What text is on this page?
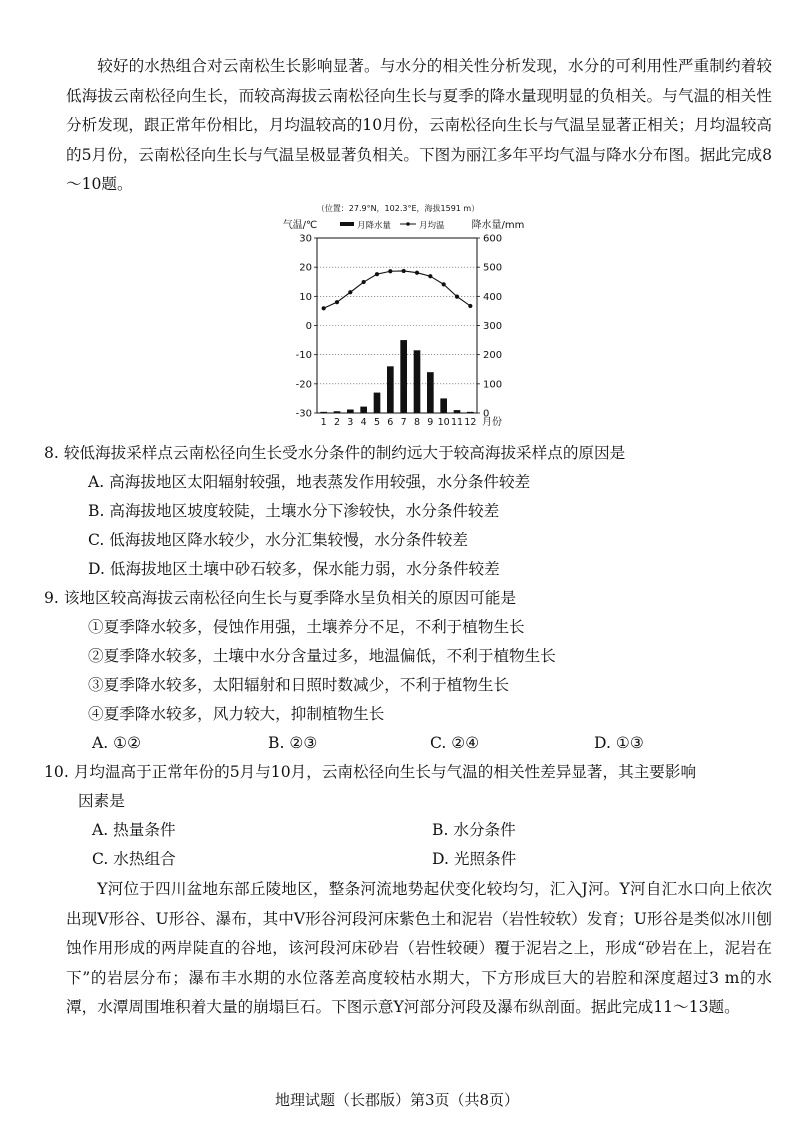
较好的水热组合对云南松生长影响显著。与水分的相关性分析发现，水分的可利用性严重制约着较低海拔云南松径向生长，而较高海拔云南松径向生长与夏季的降水量现明显的负相关。与气温的相关性分析发现，跟正常年份相比，月均温较高的10月份，云南松径向生长与气温呈显著正相关；月均温较高的5月份，云南松径向生长与气温呈极显著负相关。下图为丽江多年平均气温与降水分布图。据此完成8～10题。

（位置：27.9°N，102.3°E，海拔1591 m）
气温/℃	降水量/mm
月降水量	月均温
30
20
10
0
-10
-20
-30
600
500
400
300
200
100
0
1 2 3 4 5 6 7 8 9 10 11 12 月份

8. 较低海拔采样点云南松径向生长受水分条件的制约远大于较高海拔采样点的原因是

A. 高海拔地区太阳辐射较强，地表蒸发作用较强，水分条件较差

B. 高海拔地区坡度较陡，土壤水分下渗较快，水分条件较差

C. 低海拔地区降水较少，水分汇集较慢，水分条件较差

D. 低海拔地区土壤中砂石较多，保水能力弱，水分条件较差

9. 该地区较高海拔云南松径向生长与夏季降水呈负相关的原因可能是

①夏季降水较多，侵蚀作用强，土壤养分不足，不利于植物生长

②夏季降水较多，土壤中水分含量过多，地温偏低，不利于植物生长

③夏季降水较多，太阳辐射和日照时数减少，不利于植物生长

④夏季降水较多，风力较大，抑制植物生长

A. ①②	B. ②③	C. ②④	D. ①③

10. 月均温高于正常年份的5月与10月，云南松径向生长与气温的相关性差异显著，其主要影响

因素是

A. 热量条件	B. 水分条件
C. 水热组合	D. 光照条件

Y河位于四川盆地东部丘陵地区，整条河流地势起伏变化较均匀，汇入J河。Y河自汇水口向上依次出现V形谷、U形谷、瀑布，其中V形谷河段河床紫色土和泥岩（岩性较软）发育；U形谷是类似冰川刨蚀作用形成的两岸陡直的谷地，该河段河床砂岩（岩性较硬）覆于泥岩之上，形成“砂岩在上，泥岩在下”的岩层分布；瀑布丰水期的水位落差高度较枯水期大，下方形成巨大的岩腔和深度超过3 m的水潭，水潭周围堆积着大量的崩塌巨石。下图示意Y河部分河段及瀑布纵剖面。据此完成11～13题。

地理试题（长郡版）第3页（共8页）
